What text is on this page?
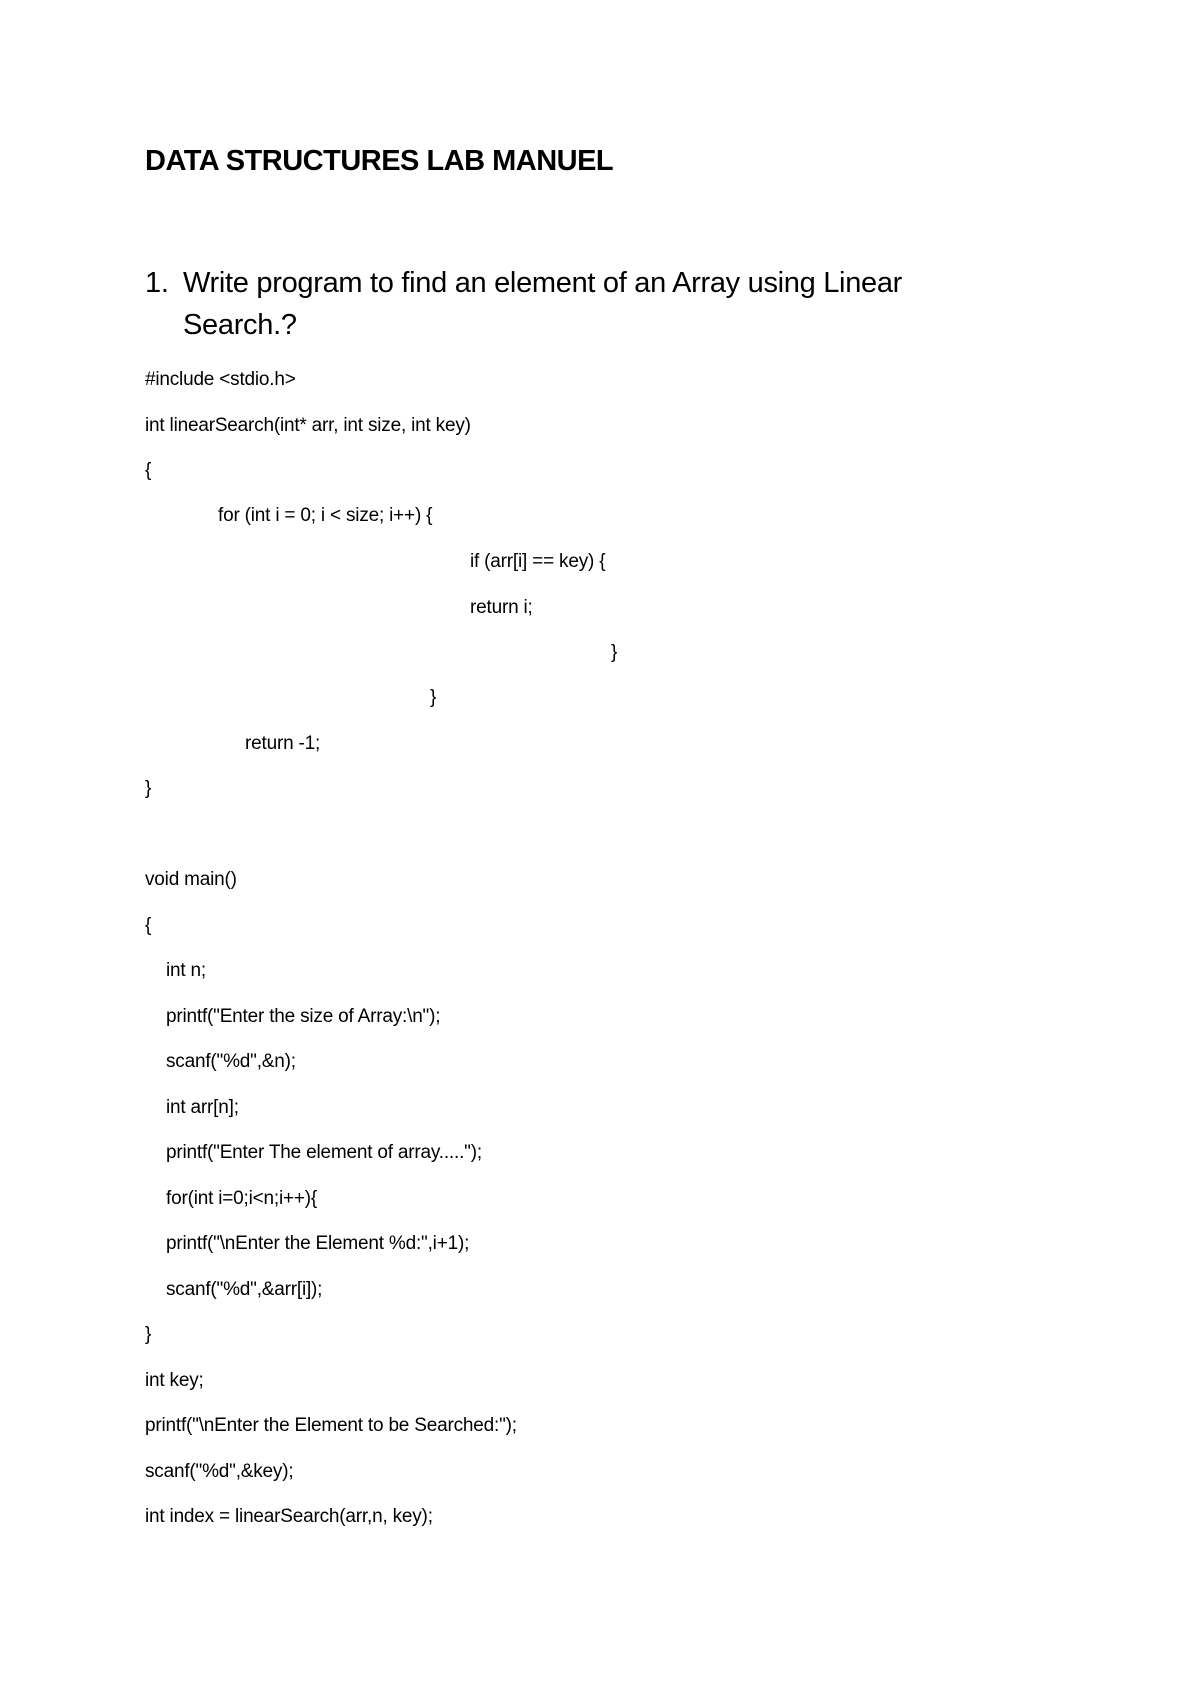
DATA STRUCTURES LAB MANUEL
1. Write program to find an element of an Array using Linear Search.?
#include <stdio.h>
int linearSearch(int* arr, int size, int key)
{
for (int i = 0; i < size; i++) {
if (arr[i] == key) {
return i;
}
}
return -1;
}
void main()
{
int n;
printf("Enter the size of Array:\n");
scanf("%d",&n);
int arr[n];
printf("Enter The element of array.....");
for(int i=0;i<n;i++){
printf("\nEnter the Element %d:",i+1);
scanf("%d",&arr[i]);
}
int key;
printf("\nEnter the Element to be Searched:");
scanf("%d",&key);
int index = linearSearch(arr,n, key);
